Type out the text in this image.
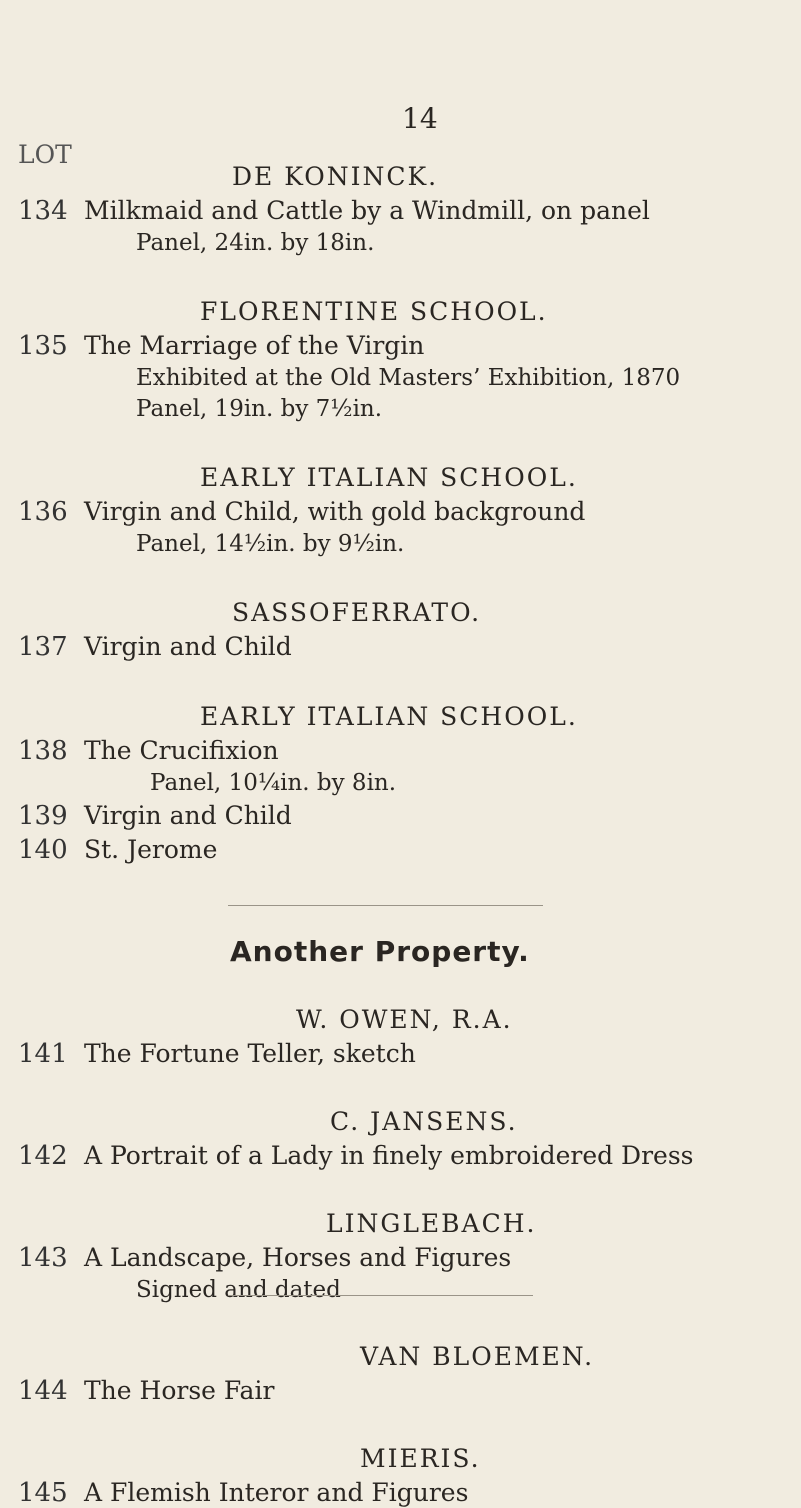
14
LOT
DE KONINCK.
134 Milkmaid and Cattle by a Windmill, on panel
Panel, 24in. by 18in.
FLORENTINE SCHOOL.
135 The Marriage of the Virgin
Exhibited at the Old Masters’ Exhibition, 1870
Panel, 19in. by 7½in.
EARLY ITALIAN SCHOOL.
136 Virgin and Child, with gold background
Panel, 14½in. by 9½in.
SASSOFERRATO.
137 Virgin and Child
EARLY ITALIAN SCHOOL.
138 The Crucifixion
Panel, 10¼in. by 8in.
139 Virgin and Child
140 St. Jerome
Another Property.
W. OWEN, R.A.
141 The Fortune Teller, sketch
C. JANSENS.
142 A Portrait of a Lady in finely embroidered Dress
LINGLEBACH.
143 A Landscape, Horses and Figures
Signed and dated
VAN BLOEMEN.
144 The Horse Fair
MIERIS.
145 A Flemish Interor and Figures
